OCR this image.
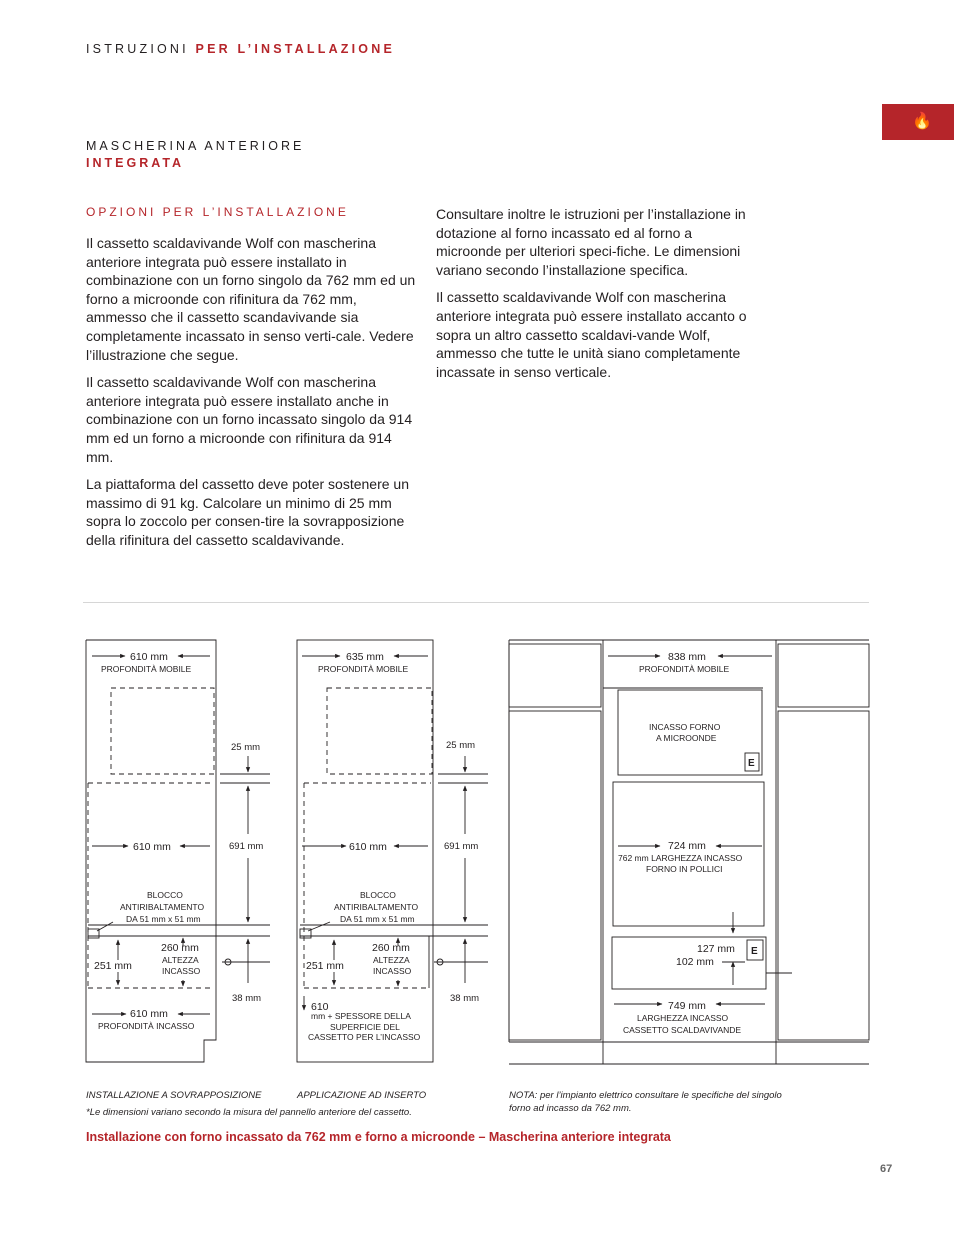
ISTRUZIONI PER L’INSTALLAZIONE
🔥
MASCHERINA ANTERIORE
INTEGRATA
OPZIONI PER L’INSTALLAZIONE

Il cassetto scaldavivande Wolf con mascherina anteriore integrata può essere installato in combinazione con un forno singolo da 762 mm ed un forno a microonde con rifinitura da 762 mm, ammesso che il cassetto scandavivande sia completamente incassato in senso verti-cale. Vedere l’illustrazione che segue.

Il cassetto scaldavivande Wolf con mascherina anteriore integrata può essere installato anche in combinazione con un forno incassato singolo da 914 mm ed un forno a microonde con rifinitura da 914 mm.

La piattaforma del cassetto deve poter sostenere un massimo di 91 kg. Calcolare un minimo di 25 mm sopra lo zoccolo per consen-tire la sovrapposizione della rifinitura del cassetto scaldavivande.

Consultare inoltre le istruzioni per l’installazione in dotazione al forno incassato ed al forno a microonde per ulteriori speci-fiche. Le dimensioni variano secondo l’installazione specifica.

Il cassetto scaldavivande Wolf con mascherina anteriore integrata può essere installato accanto o sopra un altro cassetto scaldavi-vande Wolf, ammesso che tutte le unità siano completamente incassate in senso verticale.

610 mm
PROFONDITÀ MOBILE
25 mm
610 mm	691 mm
BLOCCO
ANTIRIBALTAMENTO
DA 51 mm x 51 mm
260 mm
ALTEZZA
INCASSO
251 mm
38 mm
610 mm
PROFONDITÀ INCASSO
635 mm
PROFONDITÀ MOBILE
25 mm
610 mm	691 mm
BLOCCO
ANTIRIBALTAMENTO
DA 51 mm x 51 mm
260 mm
ALTEZZA
INCASSO
251 mm
38 mm
610
mm + SPESSORE DELLA
SUPERFICIE DEL
CASSETTO PER L’INCASSO
838 mm
PROFONDITÀ MOBILE
INCASSO FORNO
A MICROONDE
E
724 mm
762 mm LARGHEZZA INCASSO
FORNO IN POLLICI
127 mm
102 mm
E
749 mm
LARGHEZZA INCASSO
CASSETTO SCALDAVIVANDE
INSTALLAZIONE A SOVRAPPOSIZIONE	APPLICAZIONE AD INSERTO
*Le dimensioni variano secondo la misura del pannello anteriore del cassetto.
NOTA: per l’impianto elettrico consultare le specifiche del singolo
forno ad incasso da 762 mm.
Installazione con forno incassato da 762 mm e forno a microonde – Mascherina anteriore integrata
67
